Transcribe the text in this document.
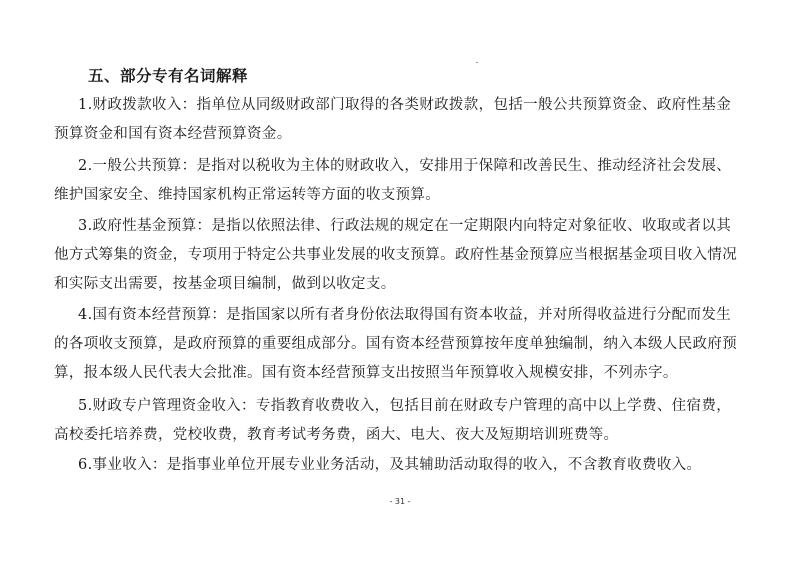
五、部分专有名词解释
1.财政拨款收入：指单位从同级财政部门取得的各类财政拨款，包括一般公共预算资金、政府性基金
预算资金和国有资本经营预算资金。
2.一般公共预算：是指对以税收为主体的财政收入，安排用于保障和改善民生、推动经济社会发展、
维护国家安全、维持国家机构正常运转等方面的收支预算。
3.政府性基金预算：是指以依照法律、行政法规的规定在一定期限内向特定对象征收、收取或者以其
他方式筹集的资金，专项用于特定公共事业发展的收支预算。政府性基金预算应当根据基金项目收入情况
和实际支出需要，按基金项目编制，做到以收定支。
4.国有资本经营预算：是指国家以所有者身份依法取得国有资本收益，并对所得收益进行分配而发生
的各项收支预算，是政府预算的重要组成部分。国有资本经营预算按年度单独编制，纳入本级人民政府预
算，报本级人民代表大会批准。国有资本经营预算支出按照当年预算收入规模安排，不列赤字。
5.财政专户管理资金收入：专指教育收费收入，包括目前在财政专户管理的高中以上学费、住宿费，
高校委托培养费，党校收费，教育考试考务费，函大、电大、夜大及短期培训班费等。
6.事业收入：是指事业单位开展专业业务活动，及其辅助活动取得的收入，不含教育收费收入。
- 31 -
